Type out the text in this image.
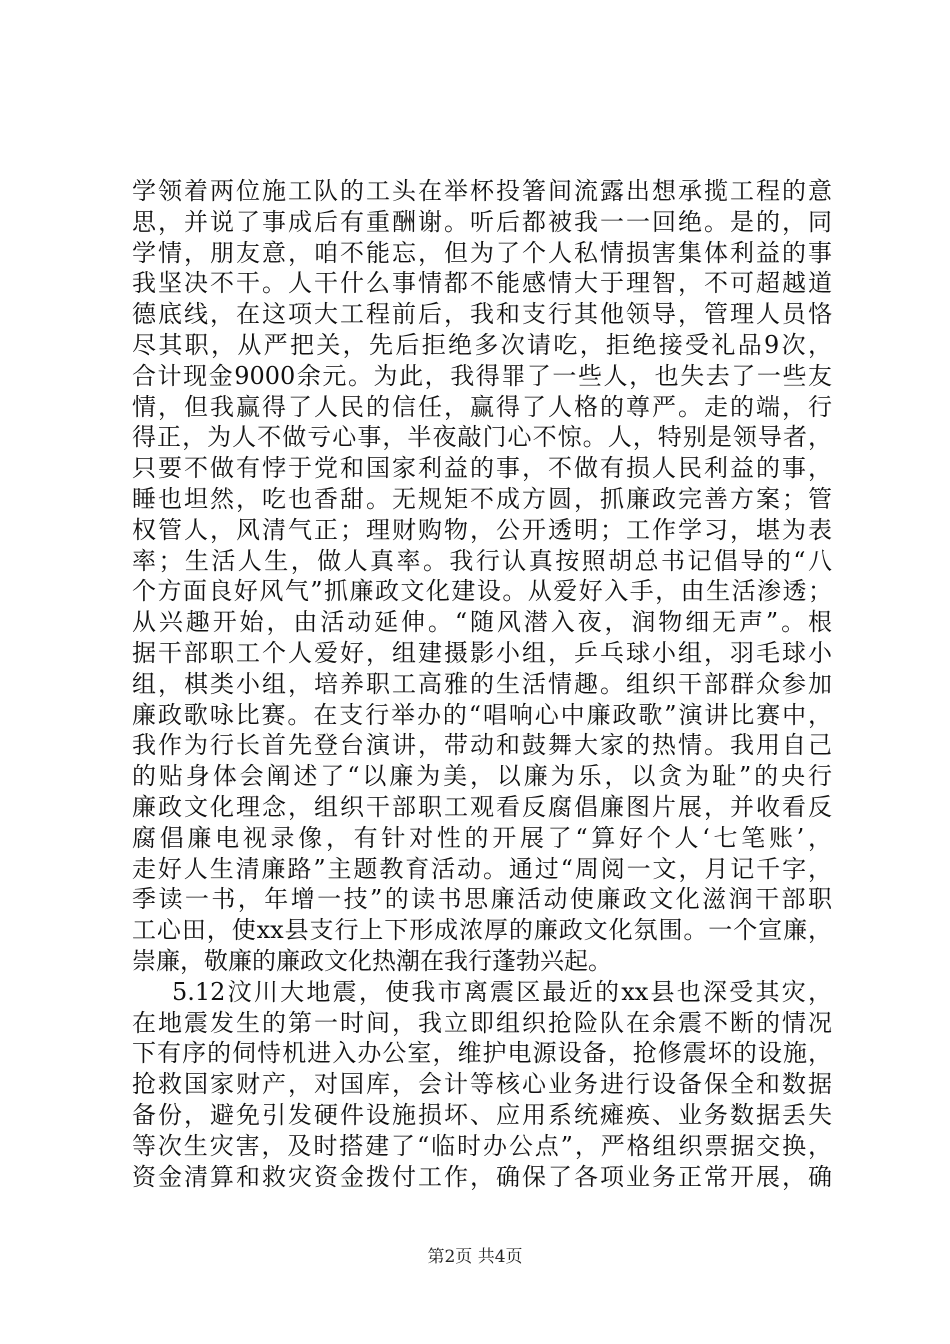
学领着两位施工队的工头在举杯投箸间流露出想承揽工程的意
思，并说了事成后有重酬谢。听后都被我一一回绝。是的，同
学情，朋友意，咱不能忘，但为了个人私情损害集体利益的事
我坚决不干。人干什么事情都不能感情大于理智，不可超越道
德底线，在这项大工程前后，我和支行其他领导，管理人员恪
尽其职，从严把关，先后拒绝多次请吃，拒绝接受礼品9次，
合计现金9000余元。为此，我得罪了一些人，也失去了一些友
情，但我赢得了人民的信任，赢得了人格的尊严。走的端，行
得正，为人不做亏心事，半夜敲门心不惊。人，特别是领导者，
只要不做有悖于党和国家利益的事，不做有损人民利益的事，
睡也坦然，吃也香甜。无规矩不成方圆，抓廉政完善方案；管
权管人，风清气正；理财购物，公开透明；工作学习，堪为表
率；生活人生，做人真率。我行认真按照胡总书记倡导的“八
个方面良好风气”抓廉政文化建设。从爱好入手，由生活渗透；
从兴趣开始，由活动延伸。“随风潜入夜，润物细无声”。根
据干部职工个人爱好，组建摄影小组，乒乓球小组，羽毛球小
组，棋类小组，培养职工高雅的生活情趣。组织干部群众参加
廉政歌咏比赛。在支行举办的“唱响心中廉政歌”演讲比赛中，
我作为行长首先登台演讲，带动和鼓舞大家的热情。我用自己
的贴身体会阐述了“以廉为美，以廉为乐，以贪为耻”的央行
廉政文化理念，组织干部职工观看反腐倡廉图片展，并收看反
腐倡廉电视录像，有针对性的开展了“算好个人‘七笔账’，
走好人生清廉路”主题教育活动。通过“周阅一文，月记千字，
季读一书，年增一技”的读书思廉活动使廉政文化滋润干部职
工心田，使xx县支行上下形成浓厚的廉政文化氛围。一个宣廉，
崇廉，敬廉的廉政文化热潮在我行蓬勃兴起。
5.12汶川大地震，使我市离震区最近的xx县也深受其灾，
在地震发生的第一时间，我立即组织抢险队在余震不断的情况
下有序的伺恃机进入办公室，维护电源设备，抢修震坏的设施，
抢救国家财产，对国库，会计等核心业务进行设备保全和数据
备份，避免引发硬件设施损坏、应用系统瘫痪、业务数据丢失
等次生灾害，及时搭建了“临时办公点”，严格组织票据交换，
资金清算和救灾资金拨付工作，确保了各项业务正常开展，确
第2页 共4页
